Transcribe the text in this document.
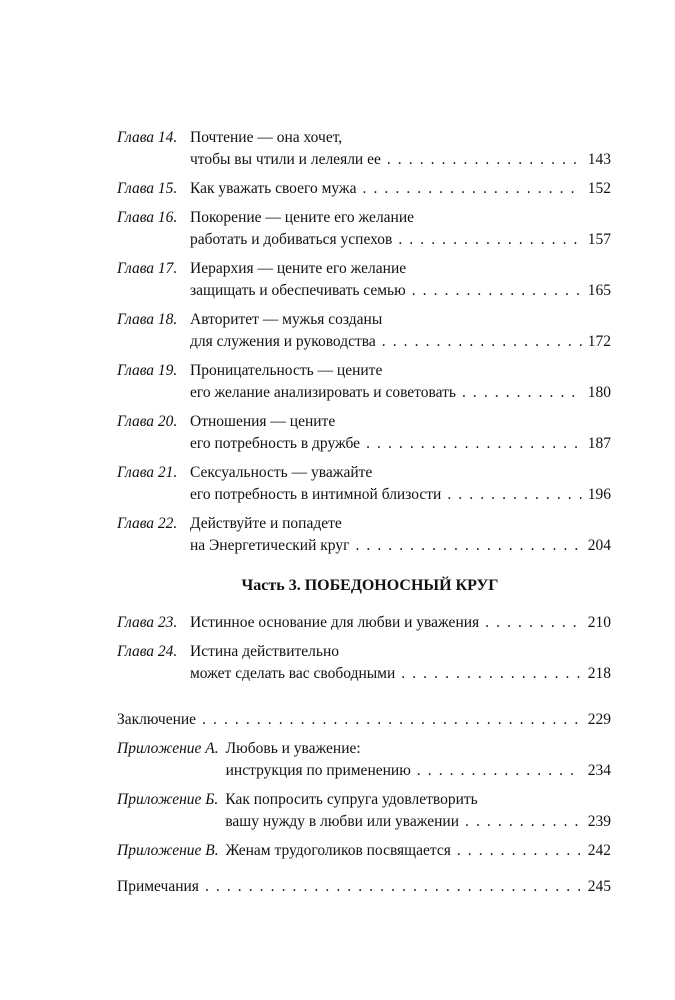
Глава 14. Почтение — она хочет,
чтобы вы чтили и лелеяли ее . . .	143
Глава 15. Как уважать своего мужа . . .	152
Глава 16. Покорение — цените его желание
работать и добиваться успехов . . .	157
Глава 17. Иерархия — цените его желание
защищать и обеспечивать семью . . .	165
Глава 18. Авторитет — мужья созданы
для служения и руководства . . .	172
Глава 19. Проницательность — цените
его желание анализировать и советовать . . .	180
Глава 20. Отношения — цените
его потребность в дружбе . . .	187
Глава 21. Сексуальность — уважайте
его потребность в интимной близости . . .	196
Глава 22. Действуйте и попадете
на Энергетический круг . . .	204
Часть 3. ПОБЕДОНОСНЫЙ КРУГ
Глава 23. Истинное основание для любви и уважения . . .	210
Глава 24. Истина действительно
может сделать вас свободными . . .	218
Заключение . . .	229
Приложение А. Любовь и уважение:
инструкция по применению . . .	234
Приложение Б. Как попросить супруга удовлетворить
вашу нужду в любви или уважении . . .	239
Приложение В. Женам трудоголиков посвящается . . .	242
Примечания . . .	245
